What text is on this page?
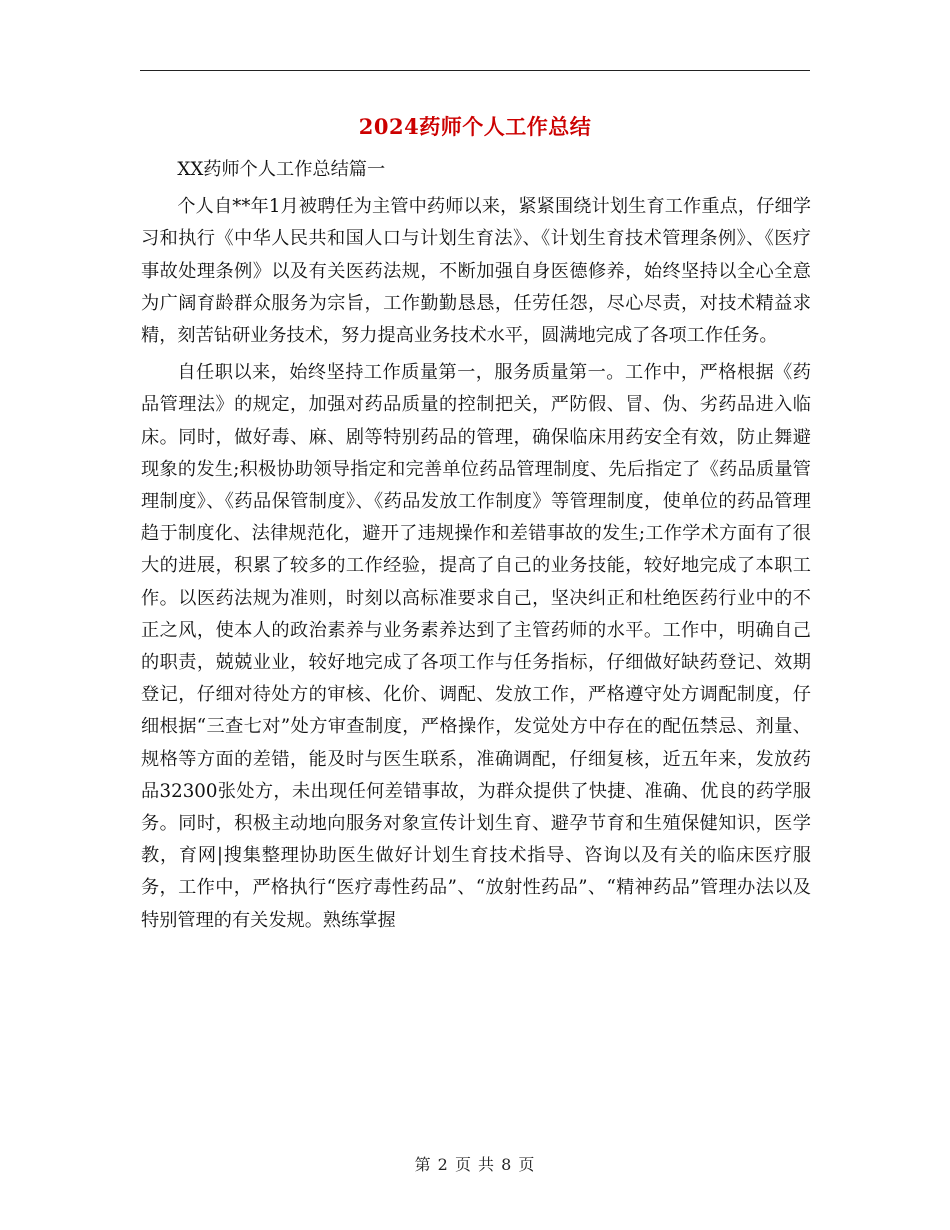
2024药师个人工作总结

XX药师个人工作总结篇一

个人自**年1月被聘任为主管中药师以来，紧紧围绕计划生育工作重点，仔细学习和执行《中华人民共和国人口与计划生育法》、《计划生育技术管理条例》、《医疗事故处理条例》以及有关医药法规，不断加强自身医德修养，始终坚持以全心全意为广阔育龄群众服务为宗旨，工作勤勤恳恳，任劳任怨，尽心尽责，对技术精益求精，刻苦钻研业务技术，努力提高业务技术水平，圆满地完成了各项工作任务。

自任职以来，始终坚持工作质量第一，服务质量第一。工作中，严格根据《药品管理法》的规定，加强对药品质量的控制把关，严防假、冒、伪、劣药品进入临床。同时，做好毒、麻、剧等特别药品的管理，确保临床用药安全有效，防止舞避现象的发生;积极协助领导指定和完善单位药品管理制度、先后指定了《药品质量管理制度》、《药品保管制度》、《药品发放工作制度》等管理制度，使单位的药品管理趋于制度化、法律规范化，避开了违规操作和差错事故的发生;工作学术方面有了很大的进展，积累了较多的工作经验，提高了自己的业务技能，较好地完成了本职工作。以医药法规为准则，时刻以高标准要求自己，坚决纠正和杜绝医药行业中的不正之风，使本人的政治素养与业务素养达到了主管药师的水平。工作中，明确自己的职责，兢兢业业，较好地完成了各项工作与任务指标，仔细做好缺药登记、效期登记，仔细对待处方的审核、化价、调配、发放工作，严格遵守处方调配制度，仔细根据“三查七对”处方审查制度，严格操作，发觉处方中存在的配伍禁忌、剂量、规格等方面的差错，能及时与医生联系，准确调配，仔细复核，近五年来，发放药品32300张处方，未出现任何差错事故，为群众提供了快捷、准确、优良的药学服务。同时，积极主动地向服务对象宣传计划生育、避孕节育和生殖保健知识，医学教，育网|搜集整理协助医生做好计划生育技术指导、咨询以及有关的临床医疗服务，工作中，严格执行“医疗毒性药品”、“放射性药品”、“精神药品”管理办法以及特别管理的有关发规。熟练掌握

第 2 页 共 8 页
